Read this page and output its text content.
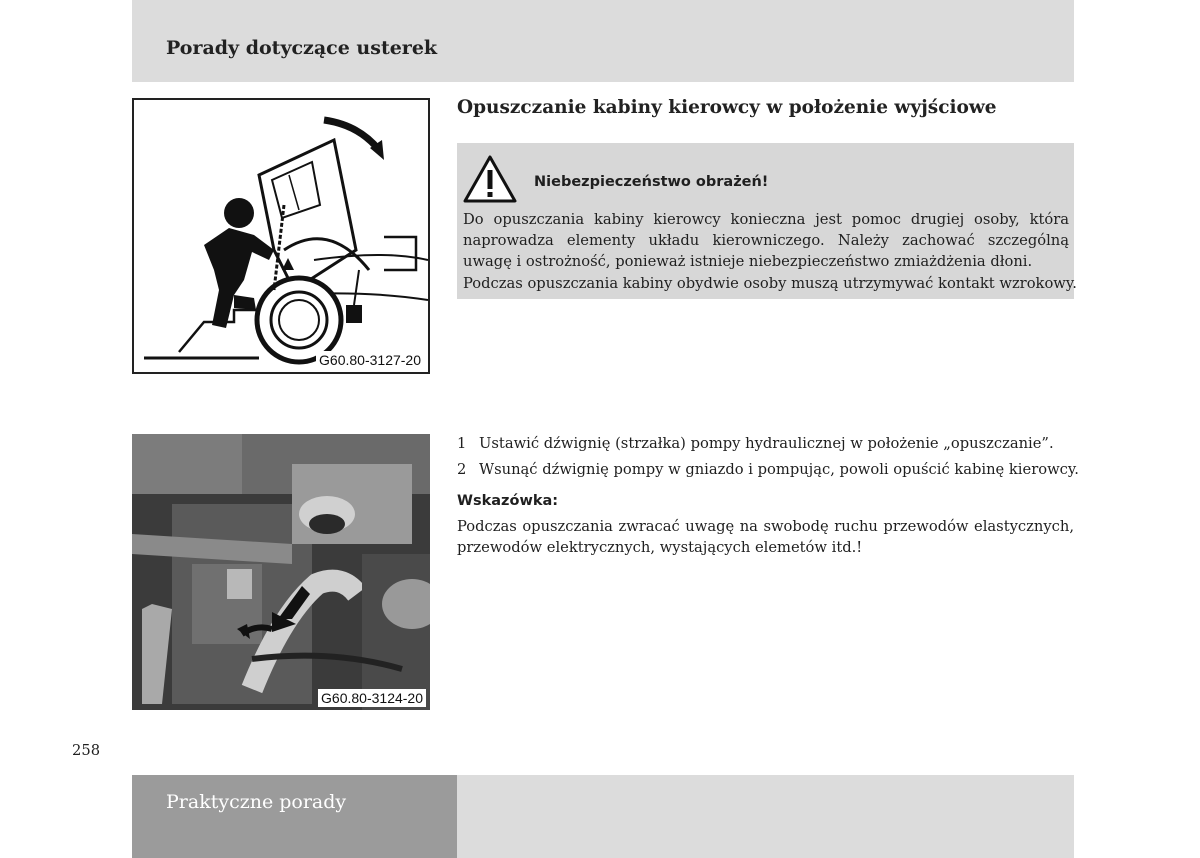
Porady dotyczące usterek
G60.80-3127-20
Opuszczanie kabiny kierowcy w położenie wyjściowe
Niebezpieczeństwo obrażeń!

Do opuszczania kabiny kierowcy konieczna jest pomoc drugiej osoby, która naprowadza elementy układu kierowniczego. Należy zachować szczególną uwagę i ostrożność, ponieważ istnieje niebezpieczeństwo zmiażdżenia dłoni.

Podczas opuszczania kabiny obydwie osoby muszą utrzymywać kontakt wzrokowy.

G60.80-3124-20
1 Ustawić dźwignię (strzałka) pompy hydraulicznej w położenie „opuszczanie”.
2 Wsunąć dźwignię pompy w gniazdo i pompując, powoli opuścić kabinę kierowcy.
Wskazówka:

Podczas opuszczania zwracać uwagę na swobodę ruchu przewodów elastycznych, przewodów elektrycznych, wystających elemetów itd.!

258
Praktyczne porady
